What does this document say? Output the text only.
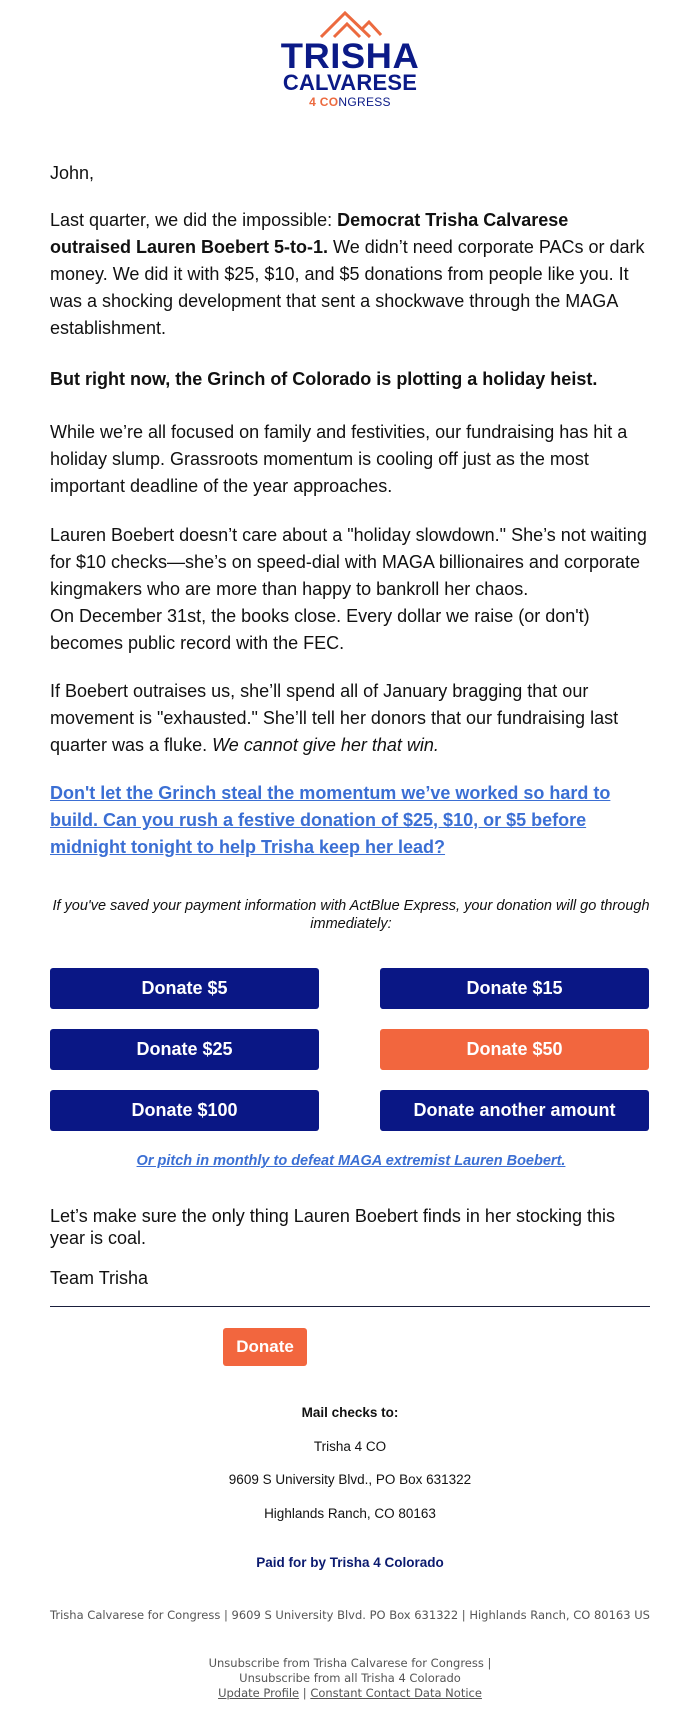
TRISHA
CALVARESE
4 CONGRESS

John,

Last quarter, we did the impossible: Democrat Trisha Calvarese outraised Lauren Boebert 5-to-1. We didn’t need corporate PACs or dark money. We did it with $25, $10, and $5 donations from people like you. It was a shocking development that sent a shockwave through the MAGA establishment.

But right now, the Grinch of Colorado is plotting a holiday heist.

While we’re all focused on family and festivities, our fundraising has hit a holiday slump. Grassroots momentum is cooling off just as the most important deadline of the year approaches.

Lauren Boebert doesn’t care about a "holiday slowdown." She’s not waiting for $10 checks—she’s on speed-dial with MAGA billionaires and corporate kingmakers who are more than happy to bankroll her chaos.
On December 31st, the books close. Every dollar we raise (or don't) becomes public record with the FEC.

If Boebert outraises us, she’ll spend all of January bragging that our movement is "exhausted." She’ll tell her donors that our fundraising last quarter was a fluke. We cannot give her that win.

Don't let the Grinch steal the momentum we’ve worked so hard to build. Can you rush a festive donation of $25, $10, or $5 before midnight tonight to help Trisha keep her lead?

If you've saved your payment information with ActBlue Express, your donation will go through immediately:
Donate $5	Donate $15
Donate $25	Donate $50
Donate $100	Donate another amount
Or pitch in monthly to defeat MAGA extremist Lauren Boebert.

Let’s make sure the only thing Lauren Boebert finds in her stocking this year is coal.

Team Trisha

Donate
Mail checks to:
Trisha 4 CO
9609 S University Blvd., PO Box 631322
Highlands Ranch, CO 80163
Paid for by Trisha 4 Colorado
Trisha Calvarese for Congress | 9609 S University Blvd. PO Box 631322 | Highlands Ranch, CO 80163 US
Unsubscribe from Trisha Calvarese for Congress |
Unsubscribe from all Trisha 4 Colorado
Update Profile | Constant Contact Data Notice
